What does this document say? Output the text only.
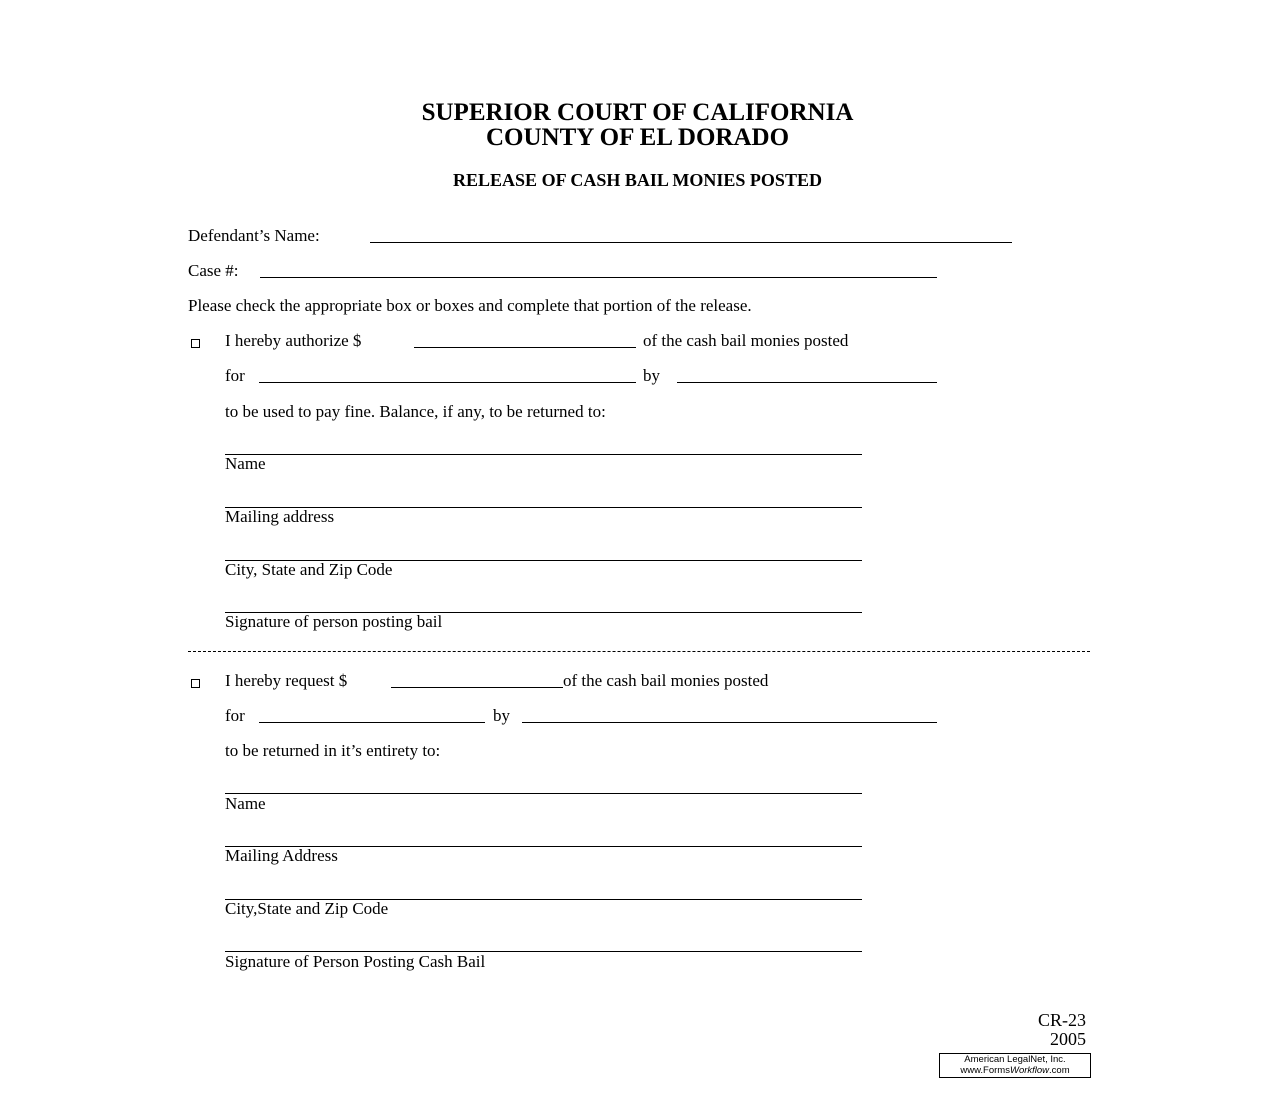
SUPERIOR COURT OF CALIFORNIA
COUNTY OF EL DORADO
RELEASE OF CASH BAIL MONIES POSTED
Defendant’s Name:
Case #:
Please check the appropriate box or boxes and complete that portion of the release.
I hereby authorize $	of the cash bail monies posted
for	by
to be used to pay fine. Balance, if any, to be returned to:
Name
Mailing address
City, State and Zip Code
Signature of person posting bail
I hereby request $	of the cash bail monies posted
for	by
to be returned in it’s entirety to:
Name
Mailing Address
City,State and Zip Code
Signature of Person Posting Cash Bail
CR-23
2005
American LegalNet, Inc.
www.FormsWorkflow.com
